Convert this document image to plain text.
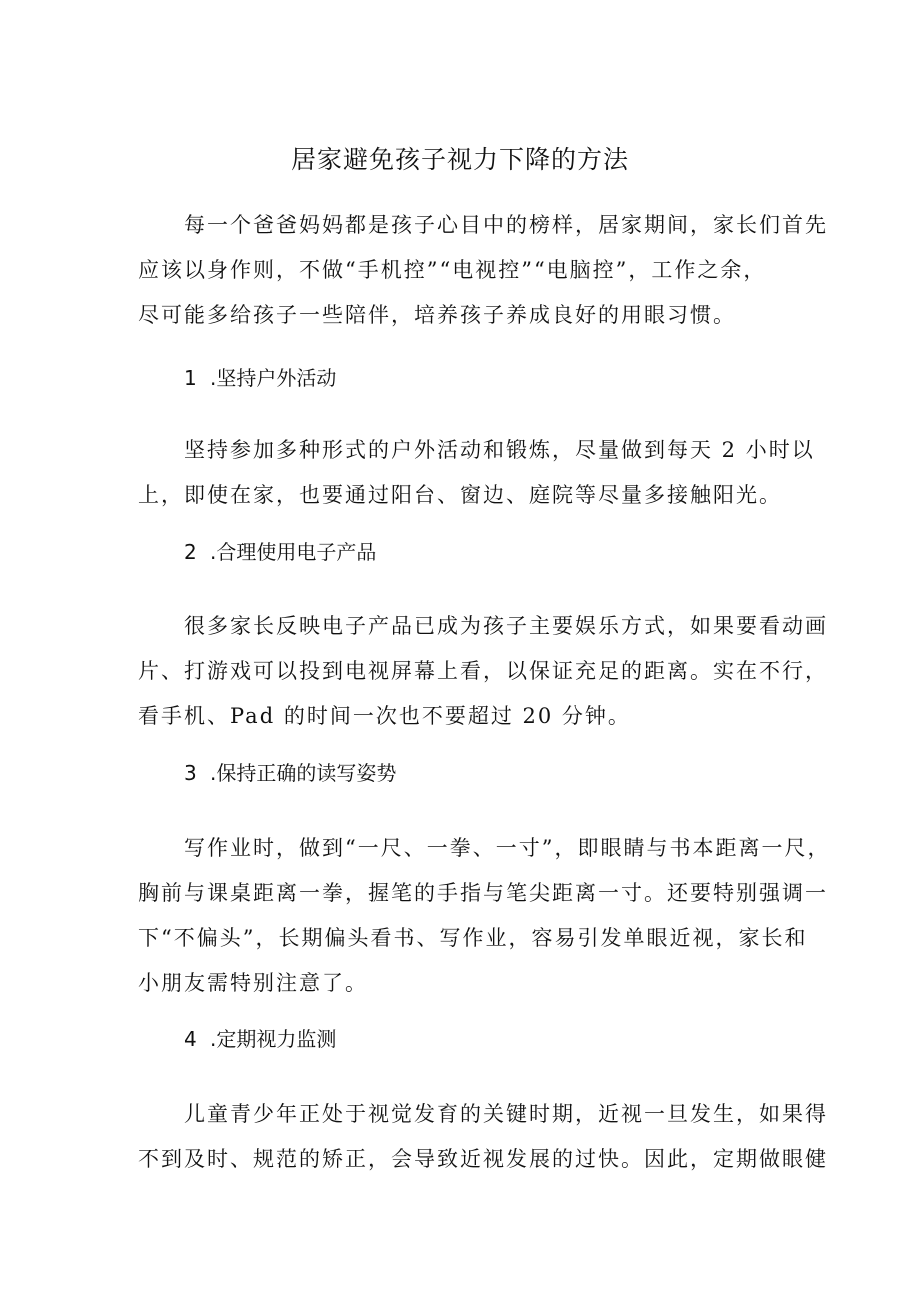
居家避免孩子视力下降的方法

每一个爸爸妈妈都是孩子心目中的榜样，居家期间，家长们首先
应该以身作则，不做“手机控”“电视控”“电脑控”，工作之余，
尽可能多给孩子一些陪伴，培养孩子养成良好的用眼习惯。

1 .坚持户外活动

坚持参加多种形式的户外活动和锻炼，尽量做到每天 2 小时以
上，即使在家，也要通过阳台、窗边、庭院等尽量多接触阳光。

2 .合理使用电子产品

很多家长反映电子产品已成为孩子主要娱乐方式，如果要看动画
片、打游戏可以投到电视屏幕上看，以保证充足的距离。实在不行，
看手机、Pad 的时间一次也不要超过 20 分钟。

3 .保持正确的读写姿势

写作业时，做到“一尺、一拳、一寸”，即眼睛与书本距离一尺，
胸前与课桌距离一拳，握笔的手指与笔尖距离一寸。还要特别强调一
下“不偏头”，长期偏头看书、写作业，容易引发单眼近视，家长和
小朋友需特别注意了。

4 .定期视力监测

儿童青少年正处于视觉发育的关键时期，近视一旦发生，如果得
不到及时、规范的矫正，会导致近视发展的过快。因此，定期做眼健
